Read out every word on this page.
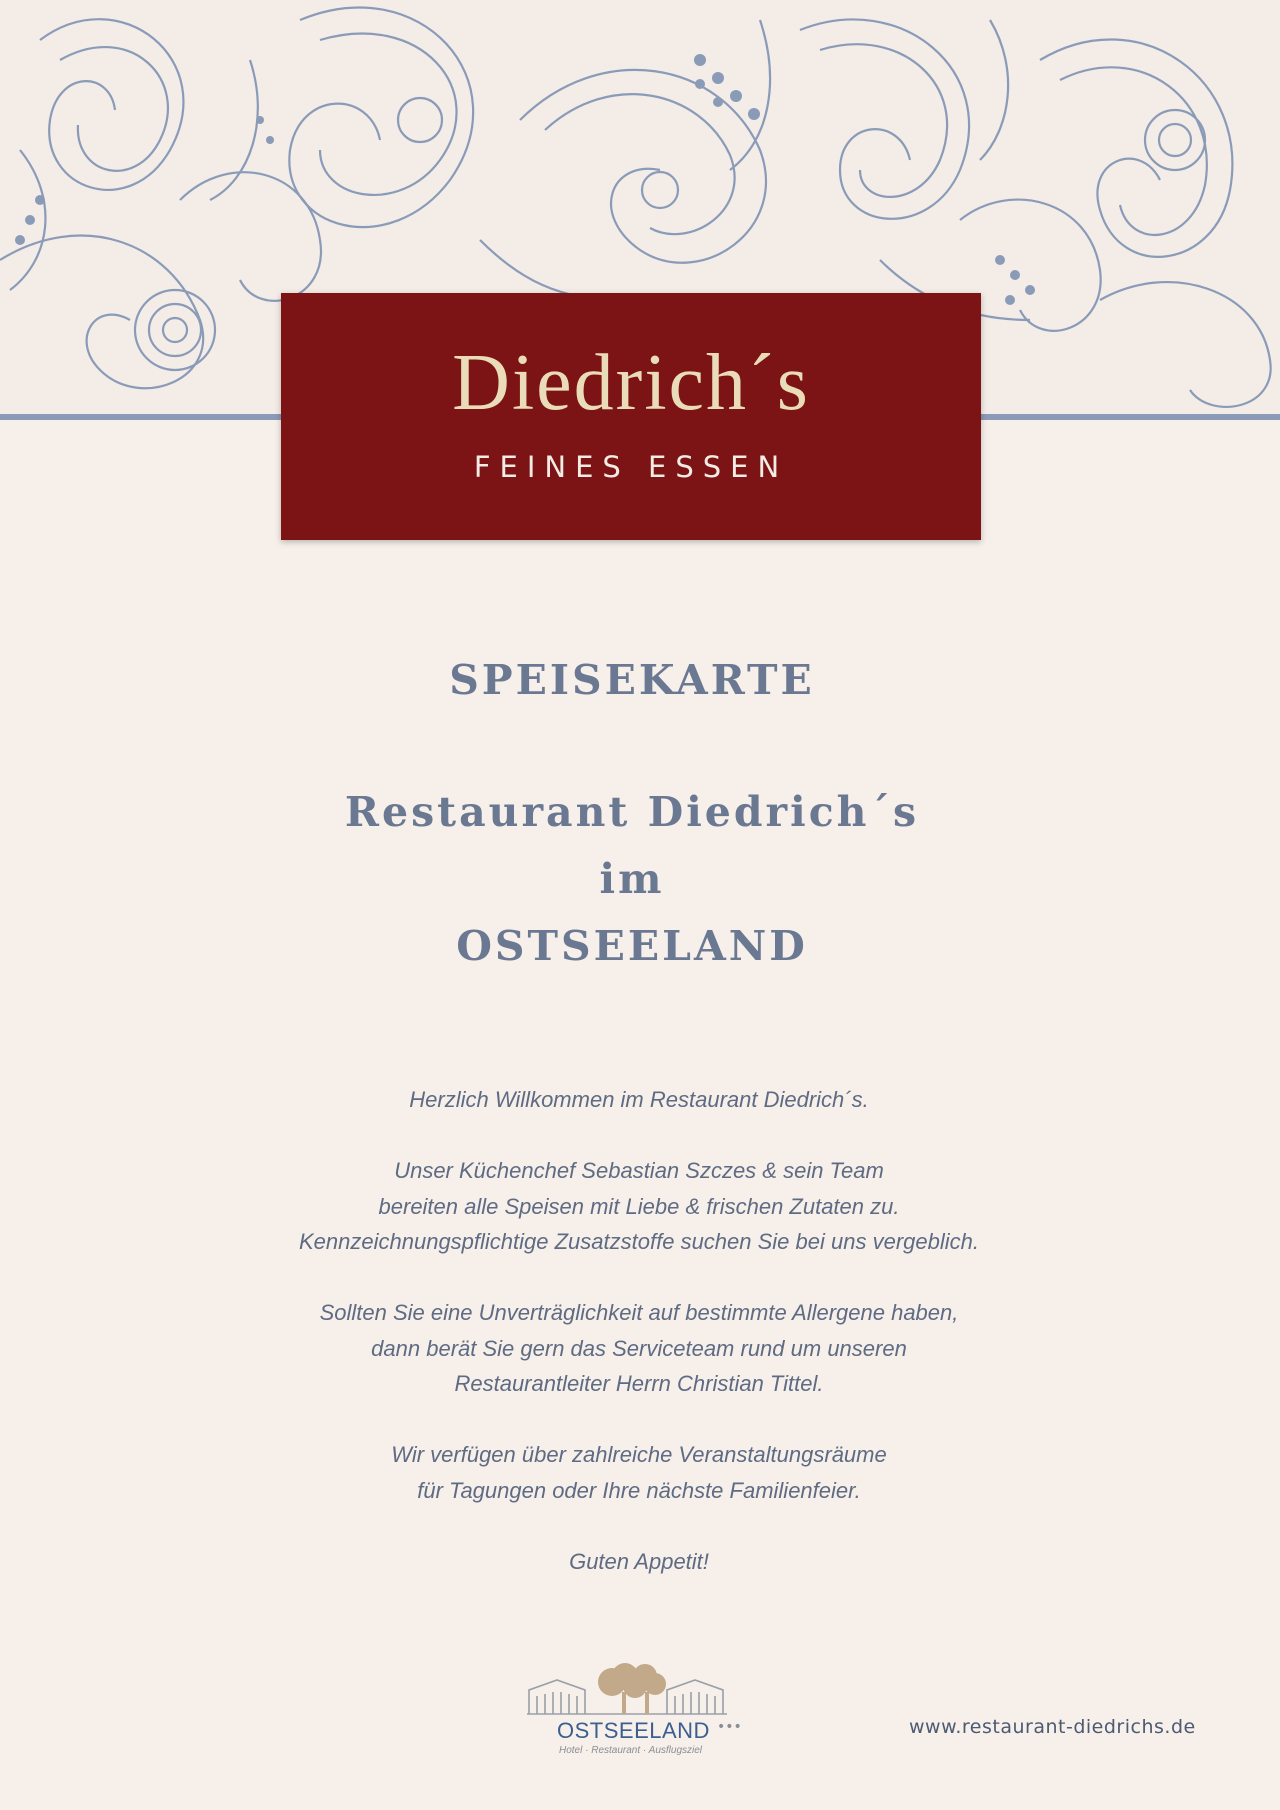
Diedrich´s
FEINES ESSEN
SPEISEKARTE
Restaurant Diedrich´s
im
OSTSEELAND

Herzlich Willkommen im Restaurant Diedrich´s.

Unser Küchenchef Sebastian Szczes & sein Team
bereiten alle Speisen mit Liebe & frischen Zutaten zu.
Kennzeichnungspflichtige Zusatzstoffe suchen Sie bei uns vergeblich.

Sollten Sie eine Unverträglichkeit auf bestimmte Allergene haben,
dann berät Sie gern das Serviceteam rund um unseren
Restaurantleiter Herrn Christian Tittel.

Wir verfügen über zahlreiche Veranstaltungsräume
für Tagungen oder Ihre nächste Familienfeier.

Guten Appetit!

OSTSEELAND •••
Hotel · Restaurant · Ausflugsziel
www.restaurant-diedrichs.de
